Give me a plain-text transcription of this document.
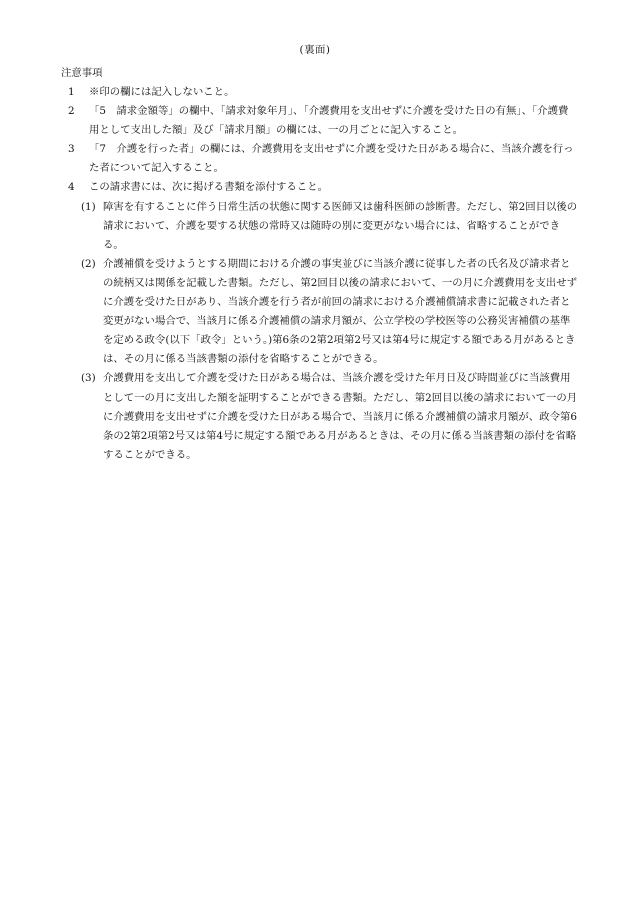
(裏面)
注意事項
1 ※印の欄には記入しないこと。
2 「5　請求金額等」の欄中、「請求対象年月」、「介護費用を支出せずに介護を受けた日の有無」、「介護費用として支出した額」及び「請求月額」の欄には、一の月ごとに記入すること。
3 「7　介護を行った者」の欄には、介護費用を支出せずに介護を受けた日がある場合に、当該介護を行った者について記入すること。
4 この請求書には、次に掲げる書類を添付すること。
(1) 障害を有することに伴う日常生活の状態に関する医師又は歯科医師の診断書。ただし、第2回目以後の請求において、介護を要する状態の常時又は随時の別に変更がない場合には、省略することができる。
(2) 介護補償を受けようとする期間における介護の事実並びに当該介護に従事した者の氏名及び請求者との続柄又は関係を記載した書類。ただし、第2回目以後の請求において、一の月に介護費用を支出せずに介護を受けた日があり、当該介護を行う者が前回の請求における介護補償請求書に記載された者と変更がない場合で、当該月に係る介護補償の請求月額が、公立学校の学校医等の公務災害補償の基準を定める政令(以下「政令」という。)第6条の2第2項第2号又は第4号に規定する額である月があるときは、その月に係る当該書類の添付を省略することができる。
(3) 介護費用を支出して介護を受けた日がある場合は、当該介護を受けた年月日及び時間並びに当該費用として一の月に支出した額を証明することができる書類。ただし、第2回目以後の請求において一の月に介護費用を支出せずに介護を受けた日がある場合で、当該月に係る介護補償の請求月額が、政令第6条の2第2項第2号又は第4号に規定する額である月があるときは、その月に係る当該書類の添付を省略することができる。
